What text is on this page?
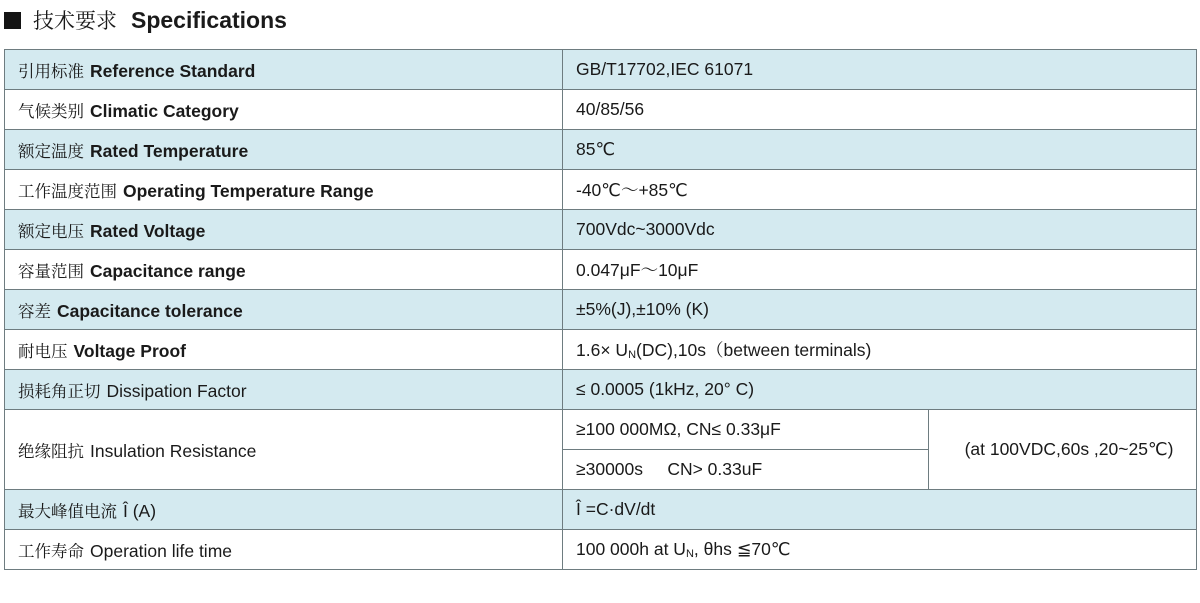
技术要求 Specifications
引用标准 Reference Standard	GB/T17702,IEC 61071	
气候类别 Climatic Category	40/85/56	
额定温度 Rated Temperature	85℃	
工作温度范围 Operating Temperature Range	-40℃～+85℃	
额定电压 Rated Voltage	700Vdc~3000Vdc	
容量范围 Capacitance range	0.047μF～10μF	
容差 Capacitance tolerance	±5%(J),±10% (K)	
耐电压 Voltage Proof	$1.6\times U_N(DC),10s(between$ terminals)	
损耗角正切 Dissipation Factor	≤ 0.0005 (1kHz, 20° C)	
绝缘阻抗 Insulation Resistance	≥100 000MΩ, CN≤ 0.33μF	(at 100VDC,60s ,20~25℃)
	≥30000s     CN> 0.33uF	
最大峰值电流 Î (A)	Î =C·dV/dt	
工作寿命 Operation life time	100 000h at $U_N$, θhs ≦70℃	
